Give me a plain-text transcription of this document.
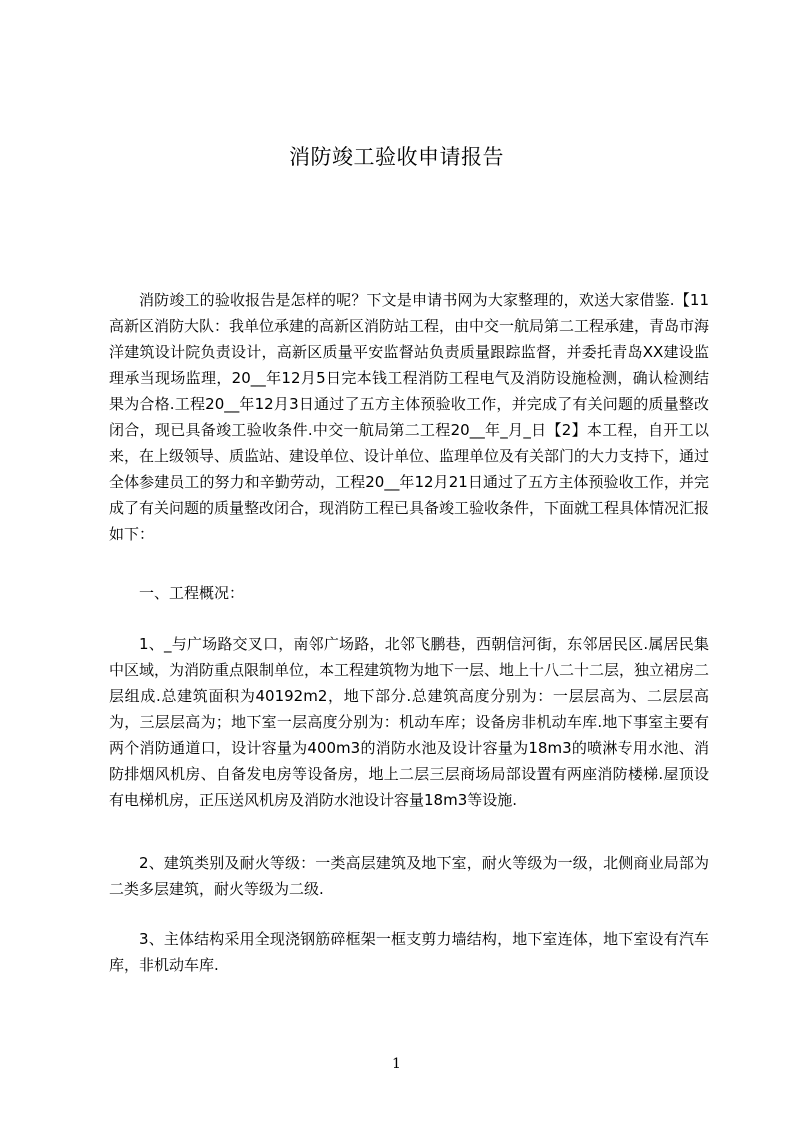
消防竣工验收申请报告

消防竣工的验收报告是怎样的呢？下文是申请书网为大家整理的，欢送大家借鉴.【11高新区消防大队：我单位承建的高新区消防站工程，由中交一航局第二工程承建，青岛市海洋建筑设计院负责设计，高新区质量平安监督站负责质量跟踪监督，并委托青岛XX建设监理承当现场监理，20__年12月5日完本钱工程消防工程电气及消防设施检测，确认检测结果为合格.工程20__年12月3日通过了五方主体预验收工作，并完成了有关问题的质量整改闭合，现已具备竣工验收条件.中交一航局第二工程20__年_月_日【2】本工程，自开工以来，在上级领导、质监站、建设单位、设计单位、监理单位及有关部门的大力支持下，通过全体参建员工的努力和辛勤劳动，工程20__年12月21日通过了五方主体预验收工作，并完成了有关问题的质量整改闭合，现消防工程已具备竣工验收条件，下面就工程具体情况汇报如下：

一、工程概况：

1、_与广场路交叉口，南邻广场路，北邻飞鹏巷，西朝信河街，东邻居民区.属居民集中区域，为消防重点限制单位，本工程建筑物为地下一层、地上十八二十二层，独立裙房二层组成.总建筑面积为40192m2，地下部分.总建筑高度分别为：一层层高为、二层层高为，三层层高为；地下室一层高度分别为：机动车库；设备房非机动车库.地下事室主要有两个消防通道口，设计容量为400m3的消防水池及设计容量为18m3的喷淋专用水池、消防排烟风机房、自备发电房等设备房，地上二层三层商场局部设置有两座消防楼梯.屋顶设有电梯机房，正压送风机房及消防水池设计容量18m3等设施.

2、建筑类别及耐火等级：一类高层建筑及地下室，耐火等级为一级，北侧商业局部为二类多层建筑，耐火等级为二级.

3、主体结构采用全现浇钢筋碎框架一框支剪力墙结构，地下室连体，地下室设有汽车库，非机动车库.

1
